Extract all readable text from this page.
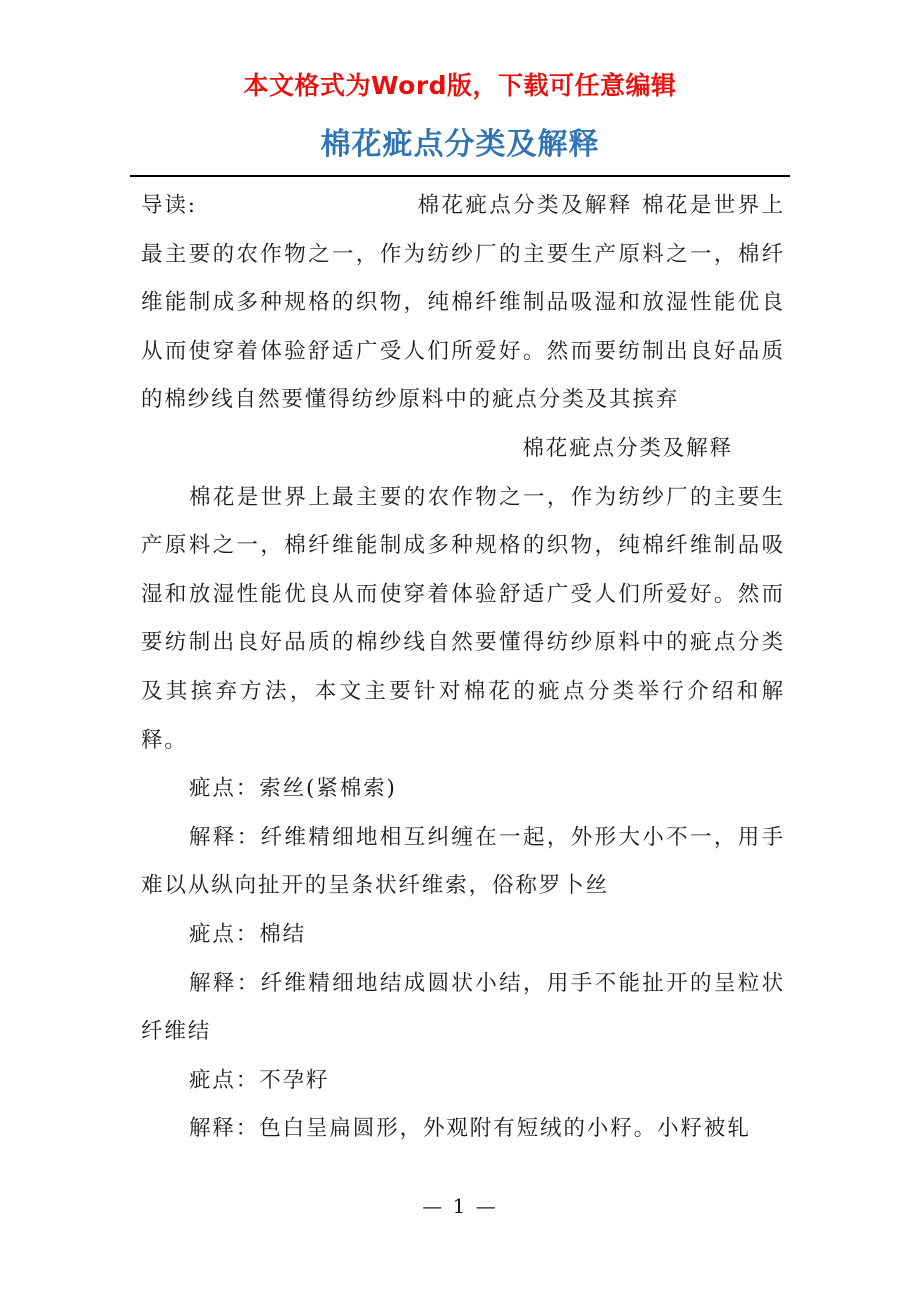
本文格式为Word版，下载可任意编辑
棉花疵点分类及解释

导读:	棉花疵点分类及解释 棉花是世界上最主要的农作物之一，作为纺纱厂的主要生产原料之一，棉纤维能制成多种规格的织物，纯棉纤维制品吸湿和放湿性能优良从而使穿着体验舒适广受人们所爱好。然而要纺制出良好品质的棉纱线自然要懂得纺纱原料中的疵点分类及其摈弃

棉花疵点分类及解释

棉花是世界上最主要的农作物之一，作为纺纱厂的主要生产原料之一，棉纤维能制成多种规格的织物，纯棉纤维制品吸湿和放湿性能优良从而使穿着体验舒适广受人们所爱好。然而要纺制出良好品质的棉纱线自然要懂得纺纱原料中的疵点分类及其摈弃方法，本文主要针对棉花的疵点分类举行介绍和解释。

疵点：索丝(紧棉索)

解释：纤维精细地相互纠缠在一起，外形大小不一，用手难以从纵向扯开的呈条状纤维索，俗称罗卜丝

疵点：棉结

解释：纤维精细地结成圆状小结，用手不能扯开的呈粒状纤维结

疵点：不孕籽

解释：色白呈扁圆形，外观附有短绒的小籽。小籽被轧

— 1 —
